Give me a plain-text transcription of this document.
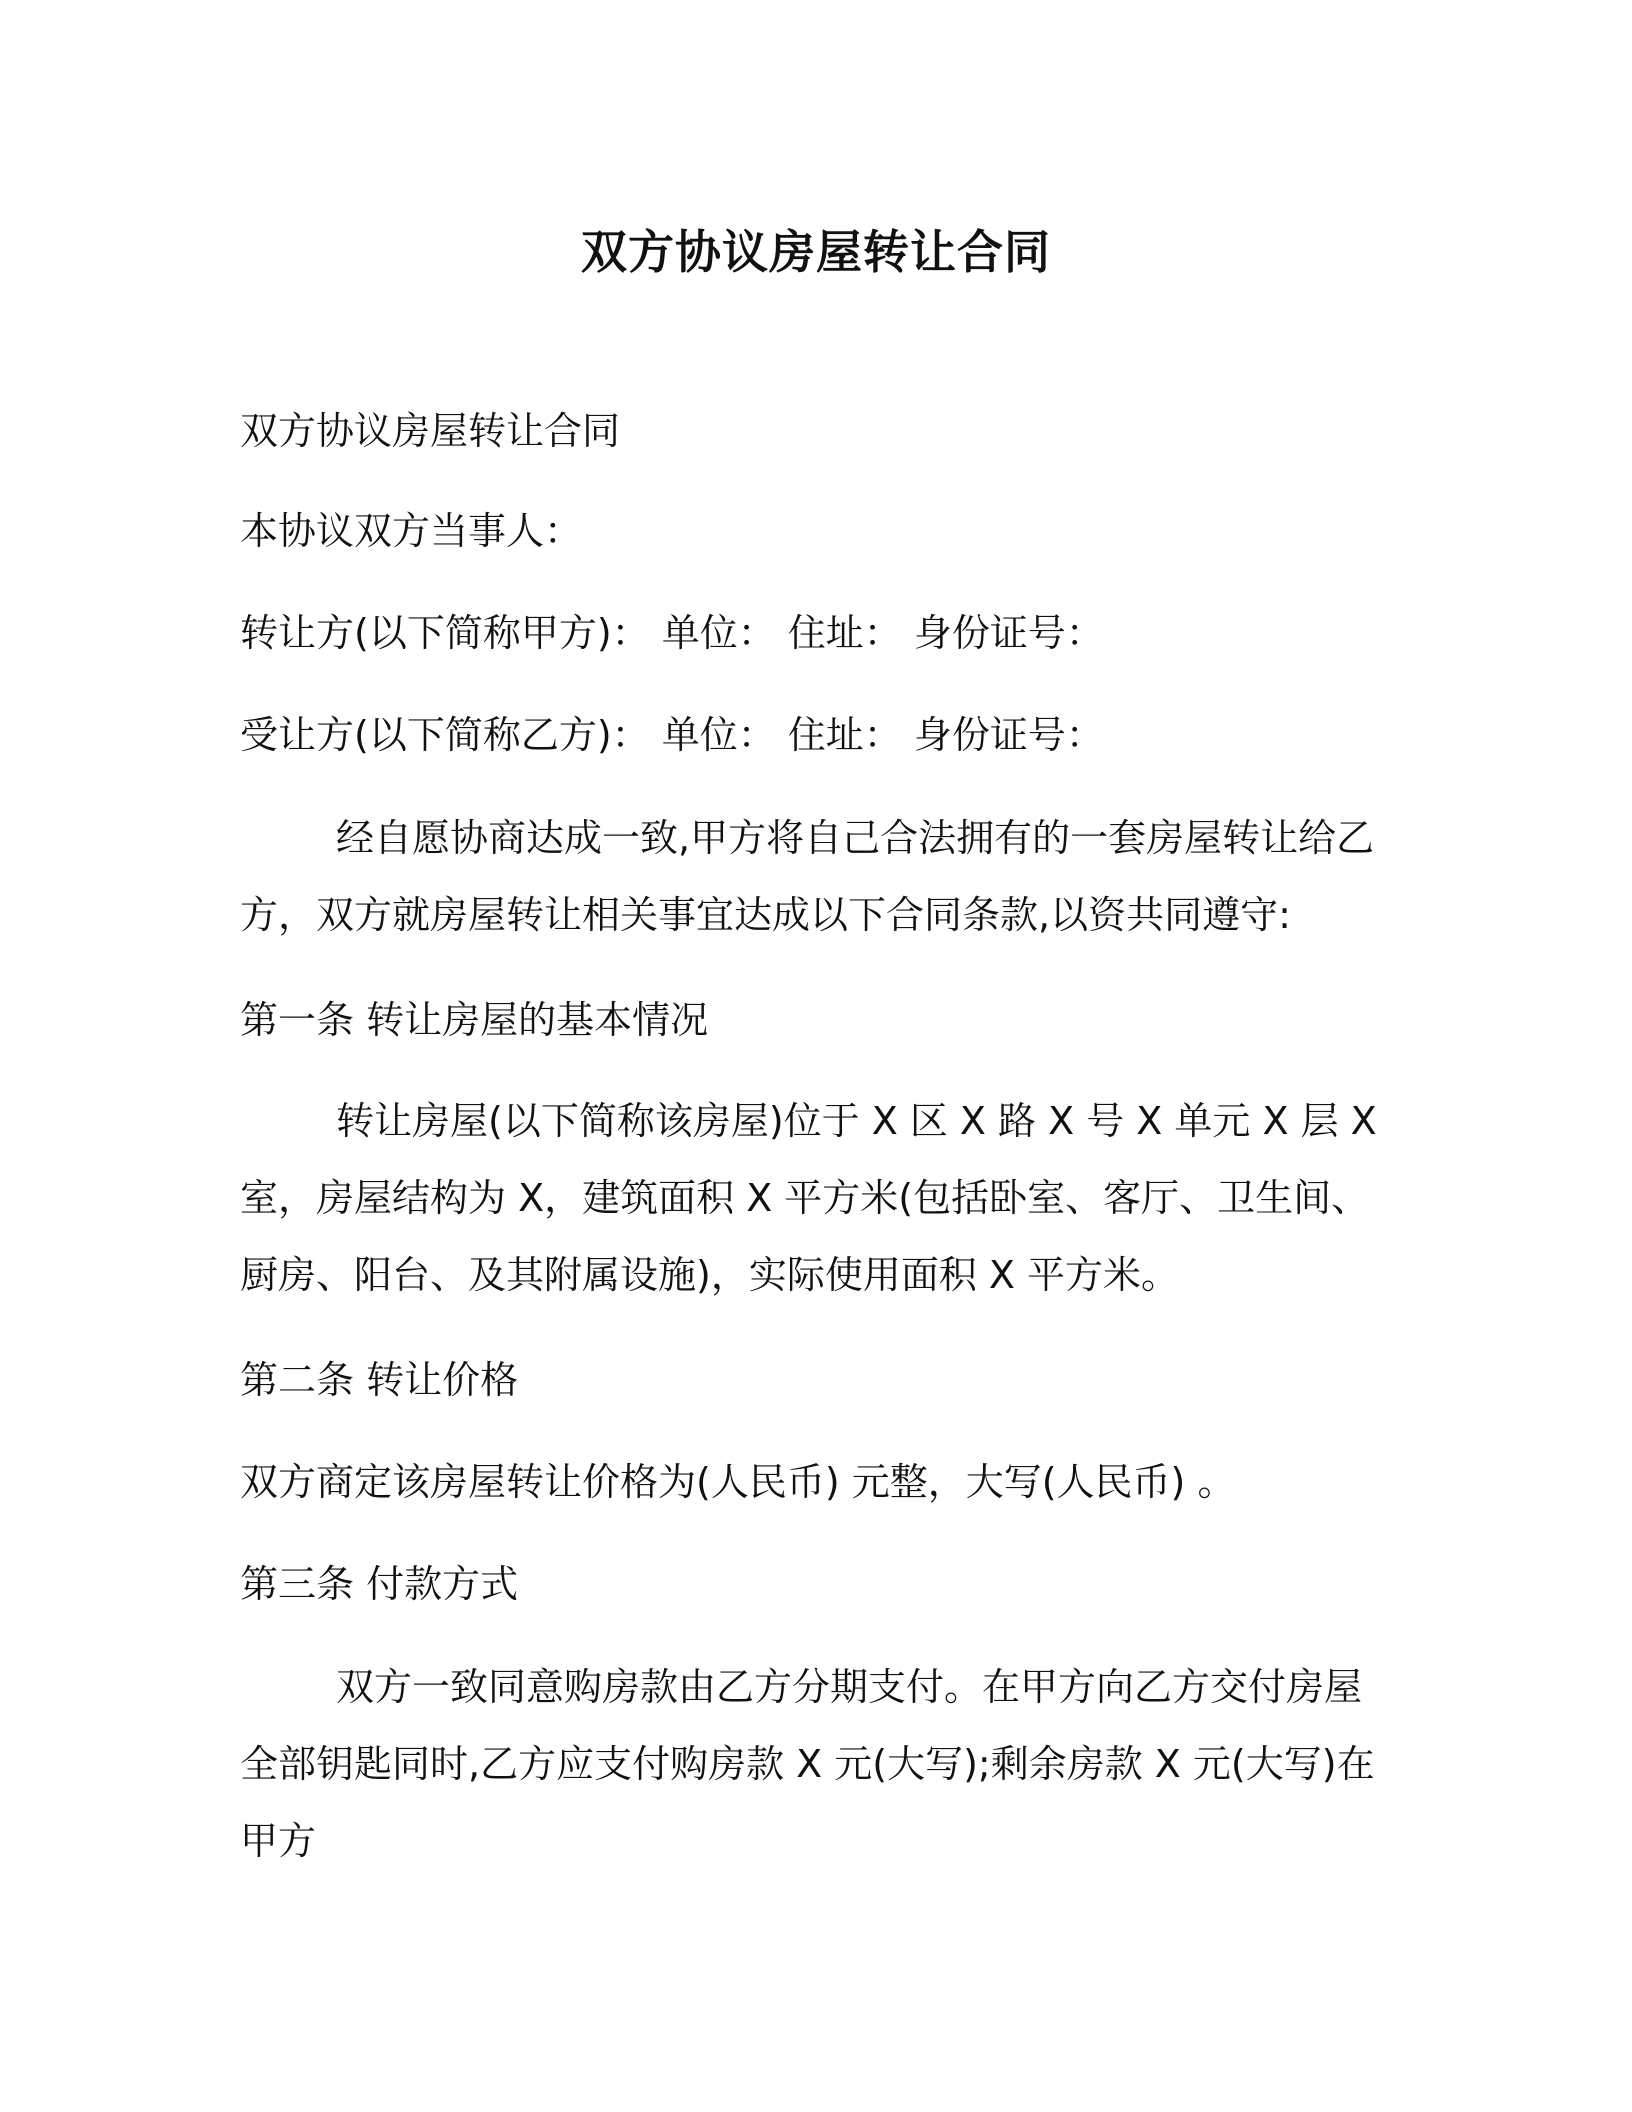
双方协议房屋转让合同
双方协议房屋转让合同
本协议双方当事人：
转让方(以下简称甲方)： 单位： 住址： 身份证号：
受让方(以下简称乙方)： 单位： 住址： 身份证号：
经自愿协商达成一致,甲方将自己合法拥有的一套房屋转让给乙方，双方就房屋转让相关事宜达成以下合同条款,以资共同遵守:
第一条 转让房屋的基本情况
转让房屋(以下简称该房屋)位于 X 区 X 路 X 号 X 单元 X 层 X 室，房屋结构为 X，建筑面积 X 平方米(包括卧室、客厅、卫生间、厨房、阳台、及其附属设施)，实际使用面积 X 平方米。
第二条 转让价格
双方商定该房屋转让价格为(人民币) 元整，大写(人民币) 。
第三条 付款方式
双方一致同意购房款由乙方分期支付。在甲方向乙方交付房屋全部钥匙同时,乙方应支付购房款 X 元(大写);剩余房款 X 元(大写)在甲方
